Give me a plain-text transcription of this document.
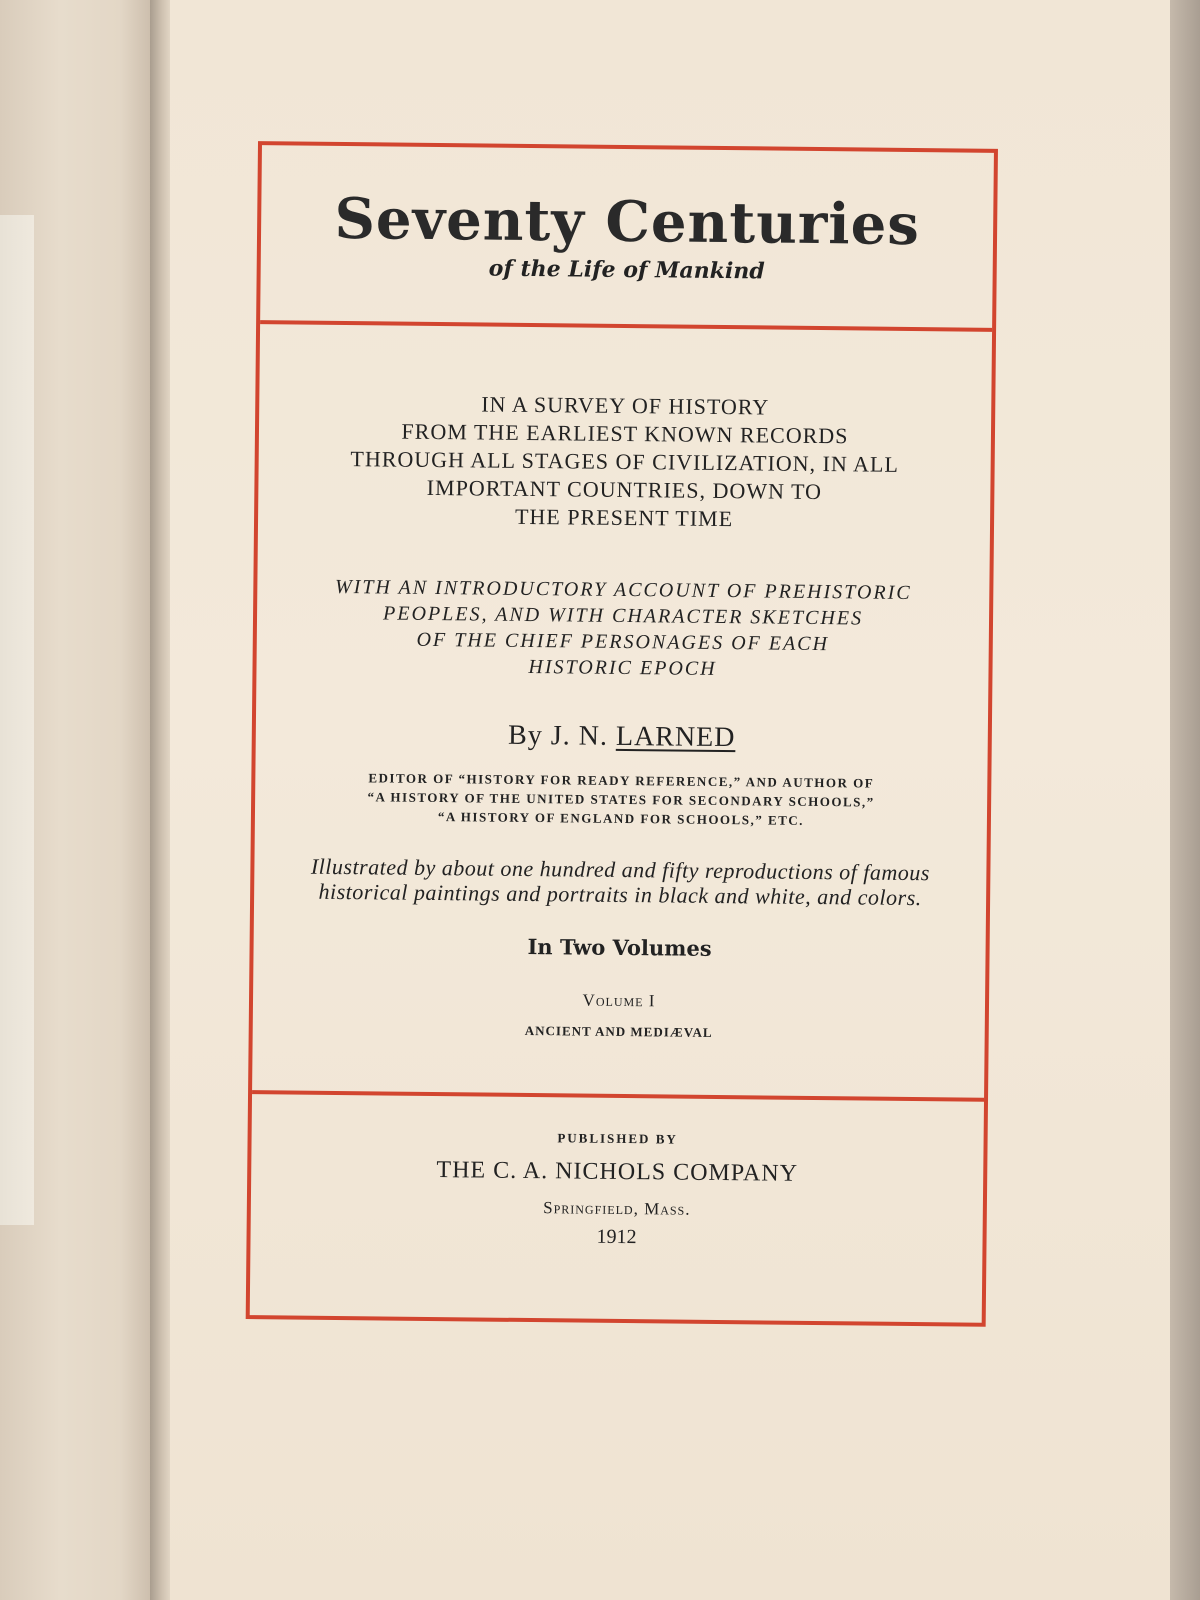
Seventy Centuries
of the Life of Mankind
IN A SURVEY OF HISTORY
FROM THE EARLIEST KNOWN RECORDS
THROUGH ALL STAGES OF CIVILIZATION, IN ALL
IMPORTANT COUNTRIES, DOWN TO
THE PRESENT TIME
WITH AN INTRODUCTORY ACCOUNT OF PREHISTORIC
PEOPLES, AND WITH CHARACTER SKETCHES
OF THE CHIEF PERSONAGES OF EACH
HISTORIC EPOCH
By J. N. LARNED
EDITOR OF “HISTORY FOR READY REFERENCE,” AND AUTHOR OF
“A HISTORY OF THE UNITED STATES FOR SECONDARY SCHOOLS,”
“A HISTORY OF ENGLAND FOR SCHOOLS,” ETC.
Illustrated by about one hundred and fifty reproductions of famous
historical paintings and portraits in black and white, and colors.
In Two Volumes
Volume I
ANCIENT AND MEDIÆVAL
PUBLISHED BY
THE C. A. NICHOLS COMPANY
Springfield, Mass.
1912
